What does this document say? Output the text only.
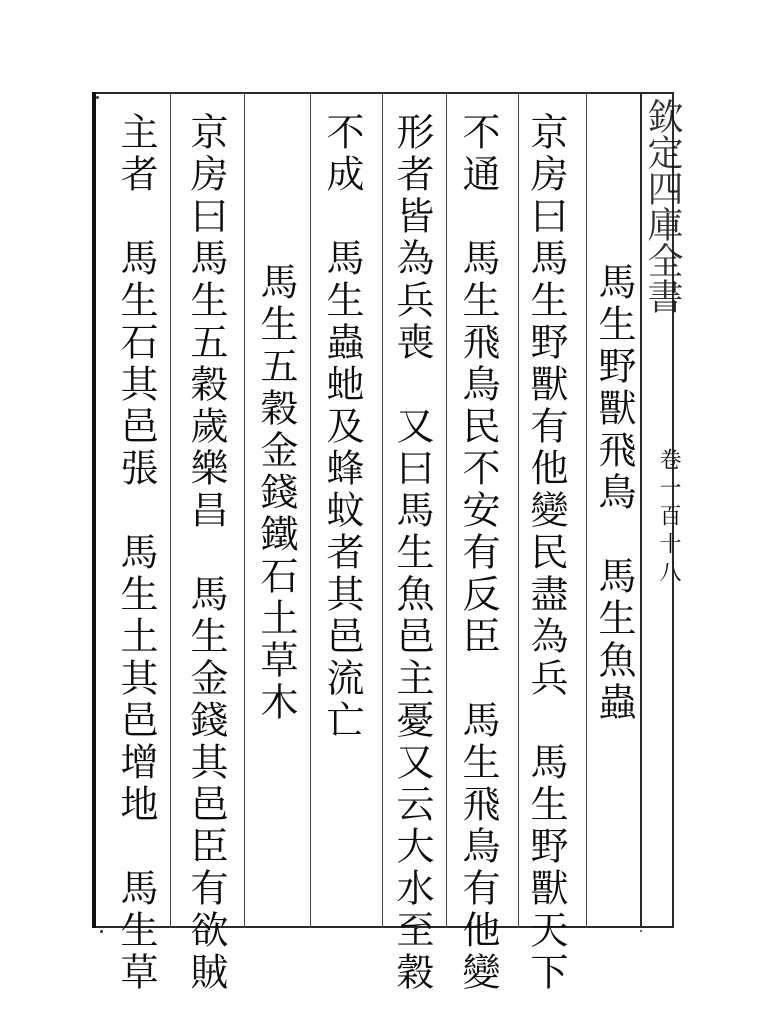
欽定四庫全書
卷一百十八
馬生野獸飛鳥　馬生魚蟲
京房曰馬生野獸有他變民盡為兵　馬生野獸天下
不通　馬生飛鳥民不安有反臣　馬生飛鳥有他變
形者皆為兵喪　又曰馬生魚邑主憂又云大水至穀
不成　馬生蟲虵及蜂蚊者其邑流亡
馬生五穀金錢鐵石土草木
京房曰馬生五穀歲樂昌　馬生金錢其邑臣有欲賊
主者　馬生石其邑張　馬生土其邑增地　馬生草
